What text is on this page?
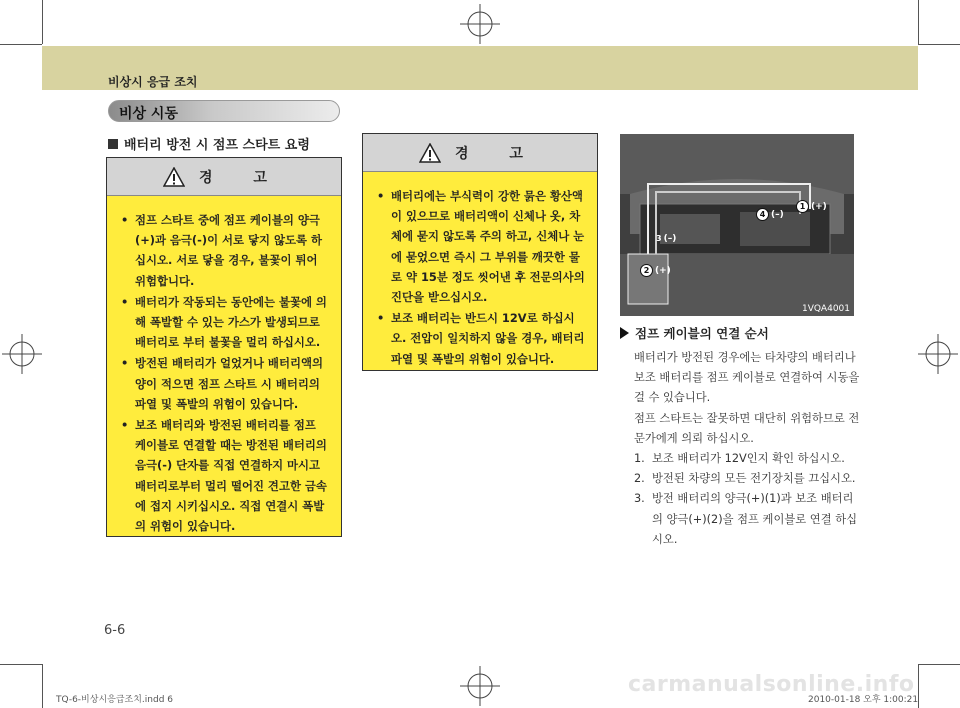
비상시 응급 조치
비상 시동
배터리 방전 시 점프 스타트 요령
경 고
• 점프 스타트 중에 점프 케이블의 양극(+)과 음극(-)이 서로 닿지 않도록 하십시오. 서로 닿을 경우, 불꽃이 튀어 위험합니다.
• 배터리가 작동되는 동안에는 불꽃에 의해 폭발할 수 있는 가스가 발생되므로 배터리로 부터 불꽃을 멀리 하십시오.
• 방전된 배터리가 얼었거나 배터리액의 양이 적으면 점프 스타트 시 배터리의 파열 및 폭발의 위험이 있습니다.
• 보조 배터리와 방전된 배터리를 점프 케이블로 연결할 때는 방전된 배터리의 음극(-) 단자를 직접 연결하지 마시고 배터리로부터 멀리 떨어진 견고한 금속에 접지 시키십시오. 직접 연결시 폭발의 위험이 있습니다.
경 고
• 배터리에는 부식력이 강한 묽은 황산액이 있으므로 배터리액이 신체나 옷, 차체에 묻지 않도록 주의 하고, 신체나 눈에 묻었으면 즉시 그 부위를 깨끗한 물로 약 15분 정도 씻어낸 후 전문의사의 진단을 받으십시오.
• 보조 배터리는 반드시 12V로 하십시오. 전압이 일치하지 않을 경우, 배터리 파열 및 폭발의 위험이 있습니다.
1 (+)
4 (–)
3 (–)
2 (+)
1VQA4001
점프 케이블의 연결 순서

배터리가 방전된 경우에는 타차량의 배터리나 보조 배터리를 점프 케이블로 연결하여 시동을 걸 수 있습니다.

점프 스타트는 잘못하면 대단히 위험하므로 전문가에게 의뢰 하십시오.

1. 보조 배터리가 12V인지 확인 하십시오.
2. 방전된 차량의 모든 전기장치를 끄십시오.
3. 방전 배터리의 양극(+)(1)과 보조 배터리의 양극(+)(2)을 점프 케이블로 연결 하십시오.
6-6
carmanualsonline.info
TQ-6-비상시응급조치.indd 6	2010-01-18 오후 1:00:21
